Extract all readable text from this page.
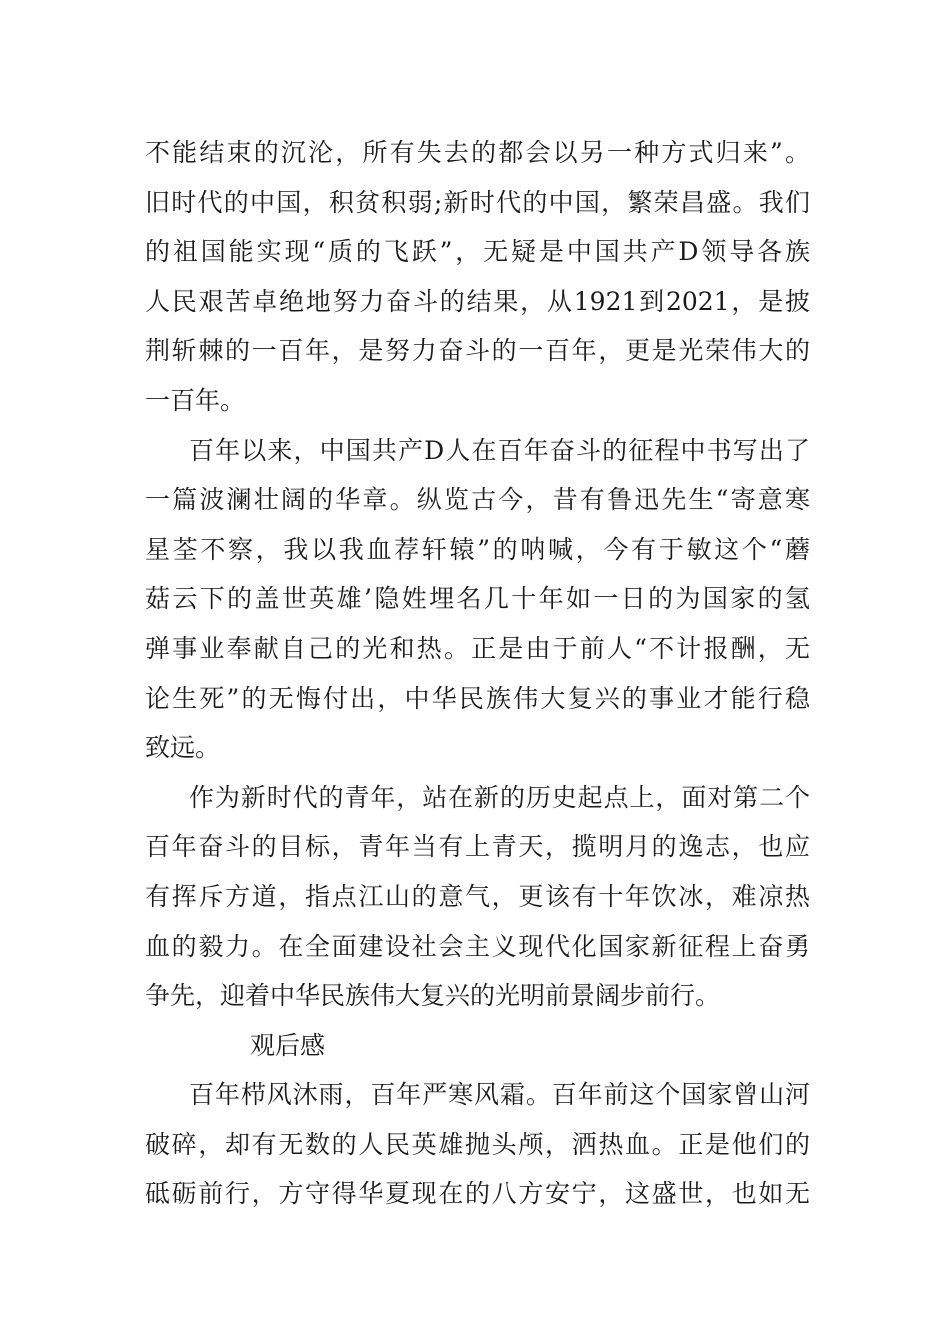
不能结束的沉沦，所有失去的都会以另一种方式归来”。
旧时代的中国，积贫积弱;新时代的中国，繁荣昌盛。我们
的祖国能实现“质的飞跃”，无疑是中国共产D领导各族
人民艰苦卓绝地努力奋斗的结果，从1921到2021，是披
荆斩棘的一百年，是努力奋斗的一百年，更是光荣伟大的
一百年。
百年以来，中国共产D人在百年奋斗的征程中书写出了
一篇波澜壮阔的华章。纵览古今，昔有鲁迅先生“寄意寒
星荃不察，我以我血荐轩辕”的呐喊，今有于敏这个“蘑
菇云下的盖世英雄’隐姓埋名几十年如一日的为国家的氢
弹事业奉献自己的光和热。正是由于前人“不计报酬，无
论生死”的无悔付出，中华民族伟大复兴的事业才能行稳
致远。
作为新时代的青年，站在新的历史起点上，面对第二个
百年奋斗的目标，青年当有上青天，揽明月的逸志，也应
有挥斥方道，指点江山的意气，更该有十年饮冰，难凉热
血的毅力。在全面建设社会主义现代化国家新征程上奋勇
争先，迎着中华民族伟大复兴的光明前景阔步前行。
观后感
百年栉风沐雨，百年严寒风霜。百年前这个国家曾山河
破碎，却有无数的人民英雄抛头颅，洒热血。正是他们的
砥砺前行，方守得华夏现在的八方安宁，这盛世，也如无
